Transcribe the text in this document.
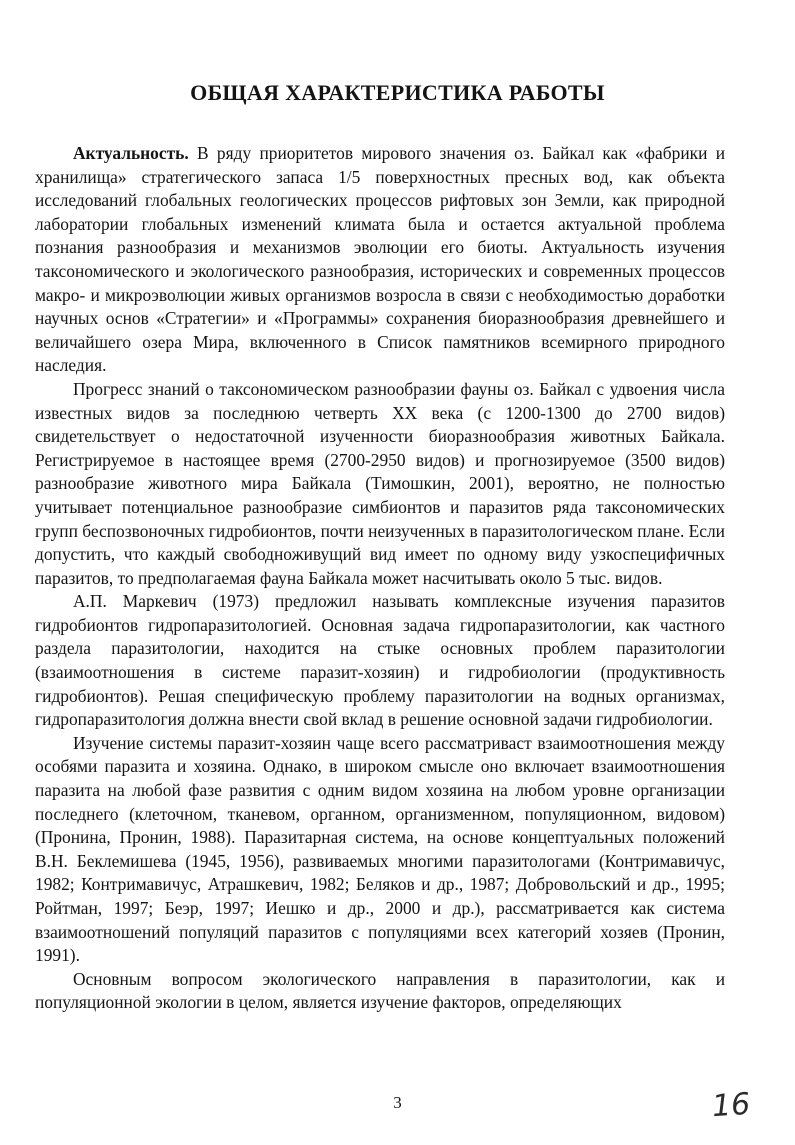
ОБЩАЯ ХАРАКТЕРИСТИКА РАБОТЫ

Актуальность. В ряду приоритетов мирового значения оз. Байкал как «фабрики и хранилища» стратегического запаса 1/5 поверхностных пресных вод, как объекта исследований глобальных геологических процессов рифтовых зон Земли, как природной лаборатории глобальных изменений климата была и остается актуальной проблема познания разнообразия и механизмов эволюции его биоты. Актуальность изучения таксономического и экологического разнообразия, исторических и современных процессов макро- и микроэволюции живых организмов возросла в связи с необходимостью доработки научных основ «Стратегии» и «Программы» сохранения биоразнообразия древнейшего и величайшего озера Мира, включенного в Список памятников всемирного природного наследия.

Прогресс знаний о таксономическом разнообразии фауны оз. Байкал с удвоения числа известных видов за последнюю четверть XX века (с 1200-1300 до 2700 видов) свидетельствует о недостаточной изученности биоразнообразия животных Байкала. Регистрируемое в настоящее время (2700-2950 видов) и прогнозируемое (3500 видов) разнообразие животного мира Байкала (Тимошкин, 2001), вероятно, не полностью учитывает потенциальное разнообразие симбионтов и паразитов ряда таксономических групп беспозвоночных гидробионтов, почти неизученных в паразитологическом плане. Если допустить, что каждый свободноживущий вид имеет по одному виду узкоспецифичных паразитов, то предполагаемая фауна Байкала может насчитывать около 5 тыс. видов.

А.П. Маркевич (1973) предложил называть комплексные изучения паразитов гидробионтов гидропаразитологией. Основная задача гидропаразитологии, как частного раздела паразитологии, находится на стыке основных проблем паразитологии (взаимоотношения в системе паразит-хозяин) и гидробиологии (продуктивность гидробионтов). Решая специфическую проблему паразитологии на водных организмах, гидропаразитология должна внести свой вклад в решение основной задачи гидробиологии.

Изучение системы паразит-хозяин чаще всего рассматриваст взаимоотношения между особями паразита и хозяина. Однако, в широком смысле оно включает взаимоотношения паразита на любой фазе развития с одним видом хозяина на любом уровне организации последнего (клеточном, тканевом, органном, организменном, популяционном, видовом) (Пронина, Пронин, 1988). Паразитарная система, на основе концептуальных положений В.Н. Беклемишева (1945, 1956), развиваемых многими паразитологами (Контримавичус, 1982; Контримавичус, Атрашкевич, 1982; Беляков и др., 1987; Добровольский и др., 1995; Ройтман, 1997; Беэр, 1997; Иешко и др., 2000 и др.), рассматривается как система взаимоотношений популяций паразитов с популяциями всех категорий хозяев (Пронин, 1991).

Основным вопросом экологического направления в паразитологии, как и популяционной экологии в целом, является изучение факторов, определяющих

3	16
